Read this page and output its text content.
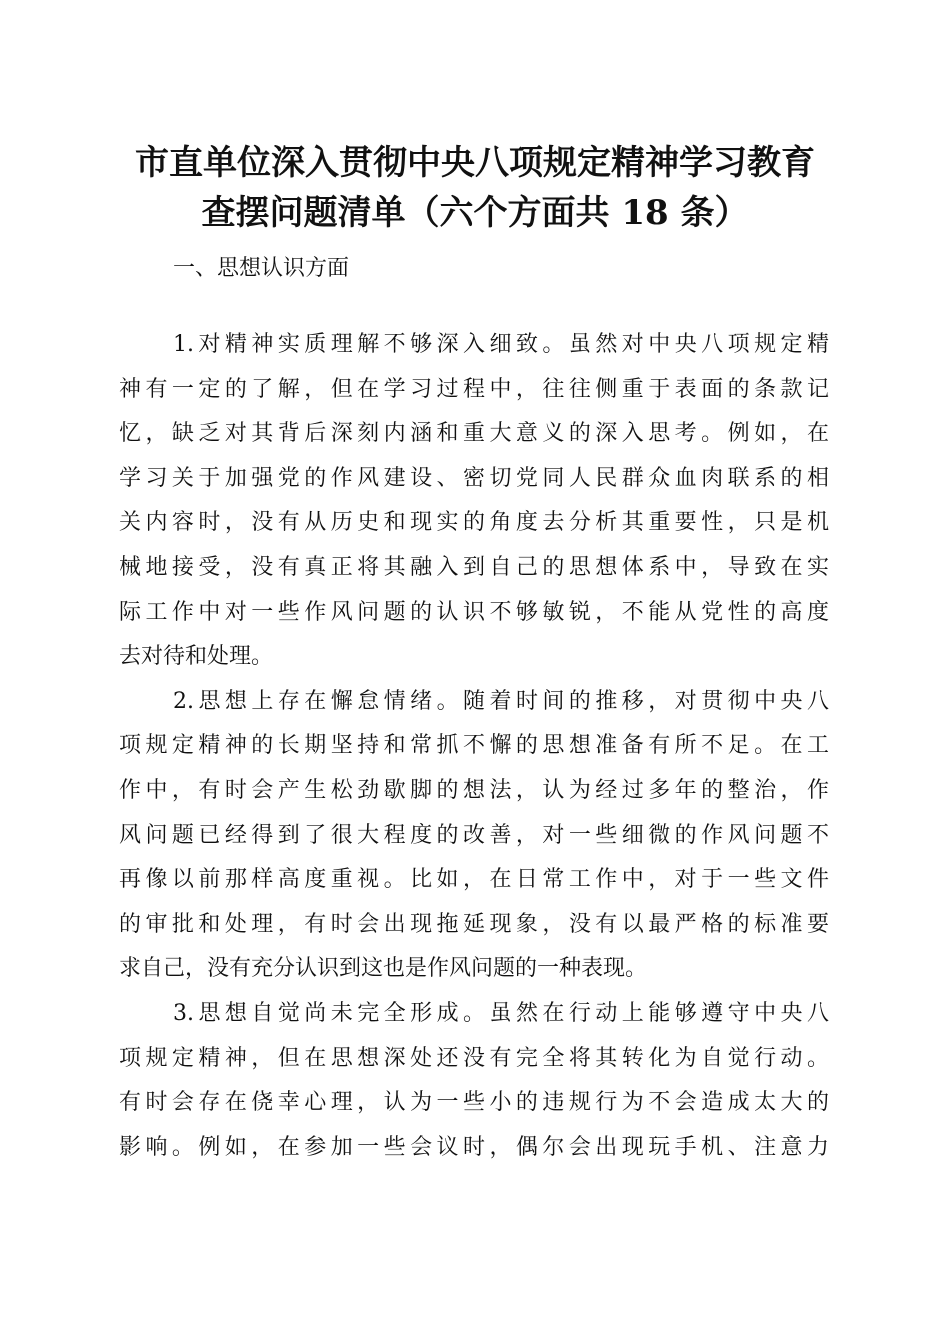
市直单位深入贯彻中央八项规定精神学习教育
查摆问题清单（六个方面共 18 条）
一、思想认识方面

1.对精神实质理解不够深入细致。虽然对中央八项规定精
神有一定的了解，但在学习过程中，往往侧重于表面的条款记
忆，缺乏对其背后深刻内涵和重大意义的深入思考。例如，在
学习关于加强党的作风建设、密切党同人民群众血肉联系的相
关内容时，没有从历史和现实的角度去分析其重要性，只是机
械地接受，没有真正将其融入到自己的思想体系中，导致在实
际工作中对一些作风问题的认识不够敏锐，不能从党性的高度
去对待和处理。

2.思想上存在懈怠情绪。随着时间的推移，对贯彻中央八
项规定精神的长期坚持和常抓不懈的思想准备有所不足。在工
作中，有时会产生松劲歇脚的想法，认为经过多年的整治，作
风问题已经得到了很大程度的改善，对一些细微的作风问题不
再像以前那样高度重视。比如，在日常工作中，对于一些文件
的审批和处理，有时会出现拖延现象，没有以最严格的标准要
求自己，没有充分认识到这也是作风问题的一种表现。

3.思想自觉尚未完全形成。虽然在行动上能够遵守中央八
项规定精神，但在思想深处还没有完全将其转化为自觉行动。
有时会存在侥幸心理，认为一些小的违规行为不会造成太大的
影响。例如，在参加一些会议时，偶尔会出现玩手机、注意力
